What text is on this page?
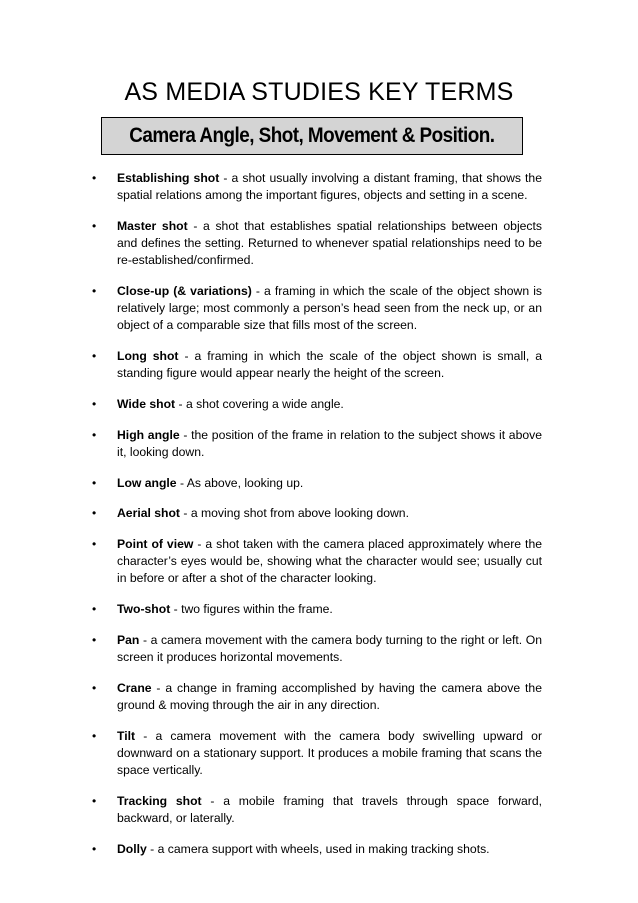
AS MEDIA STUDIES KEY TERMS
Camera Angle, Shot, Movement & Position.
• Establishing shot - a shot usually involving a distant framing, that shows the spatial relations among the important figures, objects and setting in a scene.
• Master shot - a shot that establishes spatial relationships between objects and defines the setting. Returned to whenever spatial relationships need to be re-established/confirmed.
• Close-up (& variations) - a framing in which the scale of the object shown is relatively large; most commonly a person’s head seen from the neck up, or an object of a comparable size that fills most of the screen.
• Long shot - a framing in which the scale of the object shown is small, a standing figure would appear nearly the height of the screen.
• Wide shot - a shot covering a wide angle.
• High angle - the position of the frame in relation to the subject shows it above it, looking down.
• Low angle - As above, looking up.
• Aerial shot - a moving shot from above looking down.
• Point of view - a shot taken with the camera placed approximately where the character’s eyes would be, showing what the character would see; usually cut in before or after a shot of the character looking.
• Two-shot - two figures within the frame.
• Pan - a camera movement with the camera body turning to the right or left. On screen it produces horizontal movements.
• Crane - a change in framing accomplished by having the camera above the ground & moving through the air in any direction.
• Tilt - a camera movement with the camera body swivelling upward or downward on a stationary support. It produces a mobile framing that scans the space vertically.
• Tracking shot - a mobile framing that travels through space forward, backward, or laterally.
• Dolly - a camera support with wheels, used in making tracking shots.
